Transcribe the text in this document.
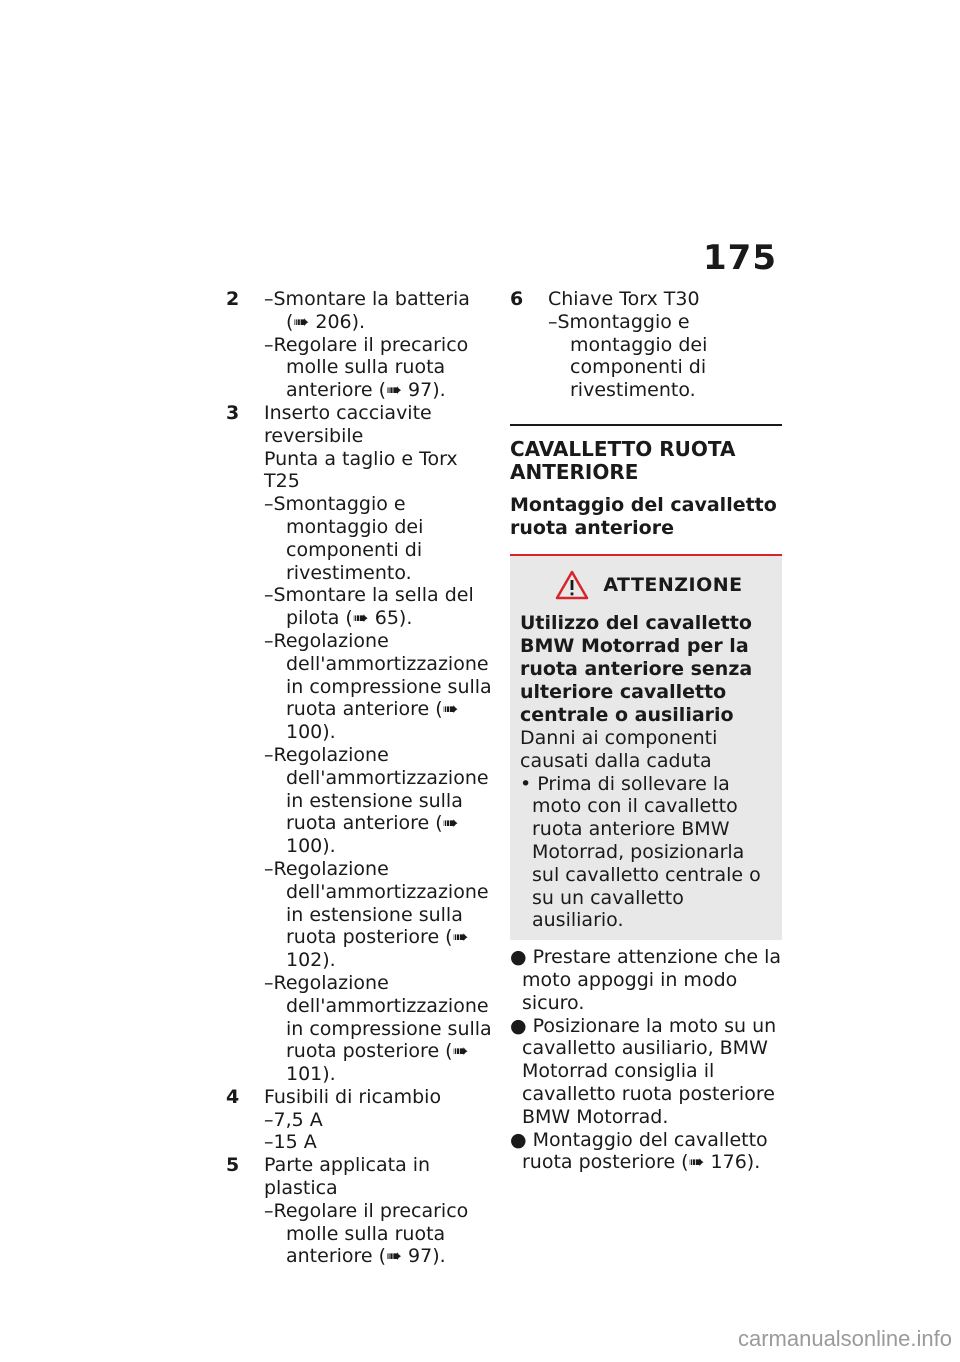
175
2	–Smontare la batteria (➠ 206).
–Regolare il precarico molle sulla ruota anteriore (➠ 97).
3	Inserto cacciavite reversibile
Punta a taglio e Torx T25
–Smontaggio e montaggio dei componenti di rivestimento.
–Smontare la sella del pilota (➠ 65).
–Regolazione dell'ammortizzazione in compressione sulla ruota anteriore (➠ 100).
–Regolazione dell'ammortizzazione in estensione sulla ruota anteriore (➠ 100).
–Regolazione dell'ammortizzazione in estensione sulla ruota posteriore (➠ 102).
–Regolazione dell'ammortizzazione in compressione sulla ruota posteriore (➠ 101).
4	Fusibili di ricambio
–7,5 A
–15 A
5	Parte applicata in plastica
–Regolare il precarico molle sulla ruota anteriore (➠ 97).
6	Chiave Torx T30
–Smontaggio e montaggio dei componenti di rivestimento.
CAVALLETTO RUOTA ANTERIORE
Montaggio del cavalletto ruota anteriore
ATTENZIONE
Utilizzo del cavalletto BMW Motorrad per la ruota anteriore senza ulteriore cavalletto centrale o ausiliario
Danni ai componenti causati dalla caduta
• Prima di sollevare la moto con il cavalletto ruota anteriore BMW Motorrad, posizionarla sul cavalletto centrale o su un cavalletto ausiliario.
● Prestare attenzione che la moto appoggi in modo sicuro.
● Posizionare la moto su un cavalletto ausiliario, BMW Motorrad consiglia il cavalletto ruota posteriore BMW Motorrad.
● Montaggio del cavalletto ruota posteriore (➠ 176).
carmanualsonline.info
